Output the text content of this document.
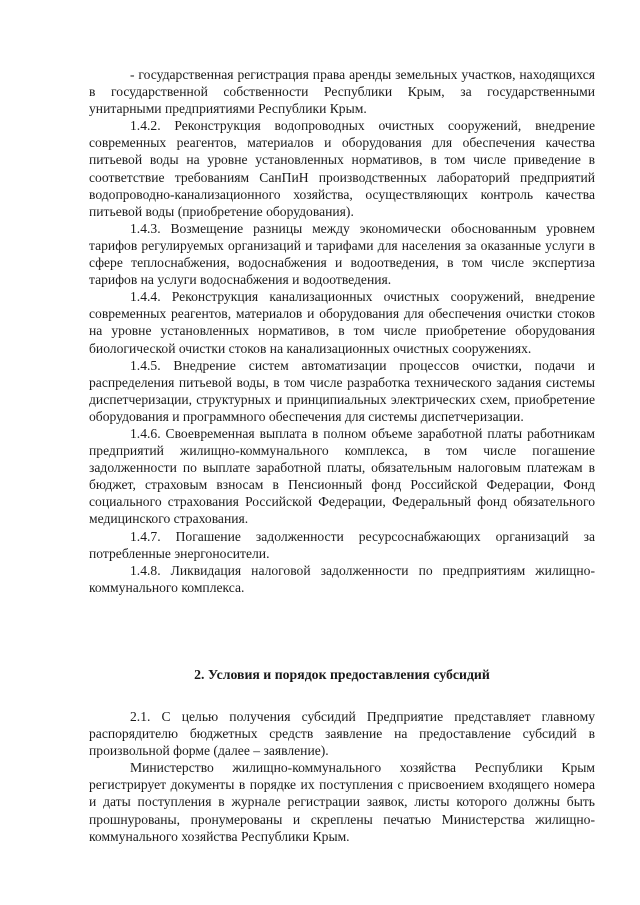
- государственная регистрация права аренды земельных участков, находящихся в государственной собственности Республики Крым, за государственными унитарными предприятиями Республики Крым.

1.4.2. Реконструкция водопроводных очистных сооружений, внедрение современных реагентов, материалов и оборудования для обеспечения качества питьевой воды на уровне установленных нормативов, в том числе приведение в соответствие требованиям СанПиН производственных лабораторий предприятий водопроводно-канализационного хозяйства, осуществляющих контроль качества питьевой воды (приобретение оборудования).

1.4.3. Возмещение разницы между экономически обоснованным уровнем тарифов регулируемых организаций и тарифами для населения за оказанные услуги в сфере теплоснабжения, водоснабжения и водоотведения, в том числе экспертиза тарифов на услуги водоснабжения и водоотведения.

1.4.4. Реконструкция канализационных очистных сооружений, внедрение современных реагентов, материалов и оборудования для обеспечения очистки стоков на уровне установленных нормативов, в том числе приобретение оборудования биологической очистки стоков на канализационных очистных сооружениях.

1.4.5. Внедрение систем автоматизации процессов очистки, подачи и распределения питьевой воды, в том числе разработка технического задания системы диспетчеризации, структурных и принципиальных электрических схем, приобретение оборудования и программного обеспечения для системы диспетчеризации.

1.4.6. Своевременная выплата в полном объеме заработной платы работникам предприятий жилищно-коммунального комплекса, в том числе погашение задолженности по выплате заработной платы, обязательным налоговым платежам в бюджет, страховым взносам в Пенсионный фонд Российской Федерации, Фонд социального страхования Российской Федерации, Федеральный фонд обязательного медицинского страхования.

1.4.7. Погашение задолженности ресурсоснабжающих организаций за потребленные энергоносители.

1.4.8. Ликвидация налоговой задолженности по предприятиям жилищно-коммунального комплекса.

2. Условия и порядок предоставления субсидий

2.1. С целью получения субсидий Предприятие представляет главному распорядителю бюджетных средств заявление на предоставление субсидий в произвольной форме (далее – заявление).

Министерство жилищно-коммунального хозяйства Республики Крым регистрирует документы в порядке их поступления с присвоением входящего номера и даты поступления в журнале регистрации заявок, листы которого должны быть прошнурованы, пронумерованы и скреплены печатью Министерства жилищно-коммунального хозяйства Республики Крым.
